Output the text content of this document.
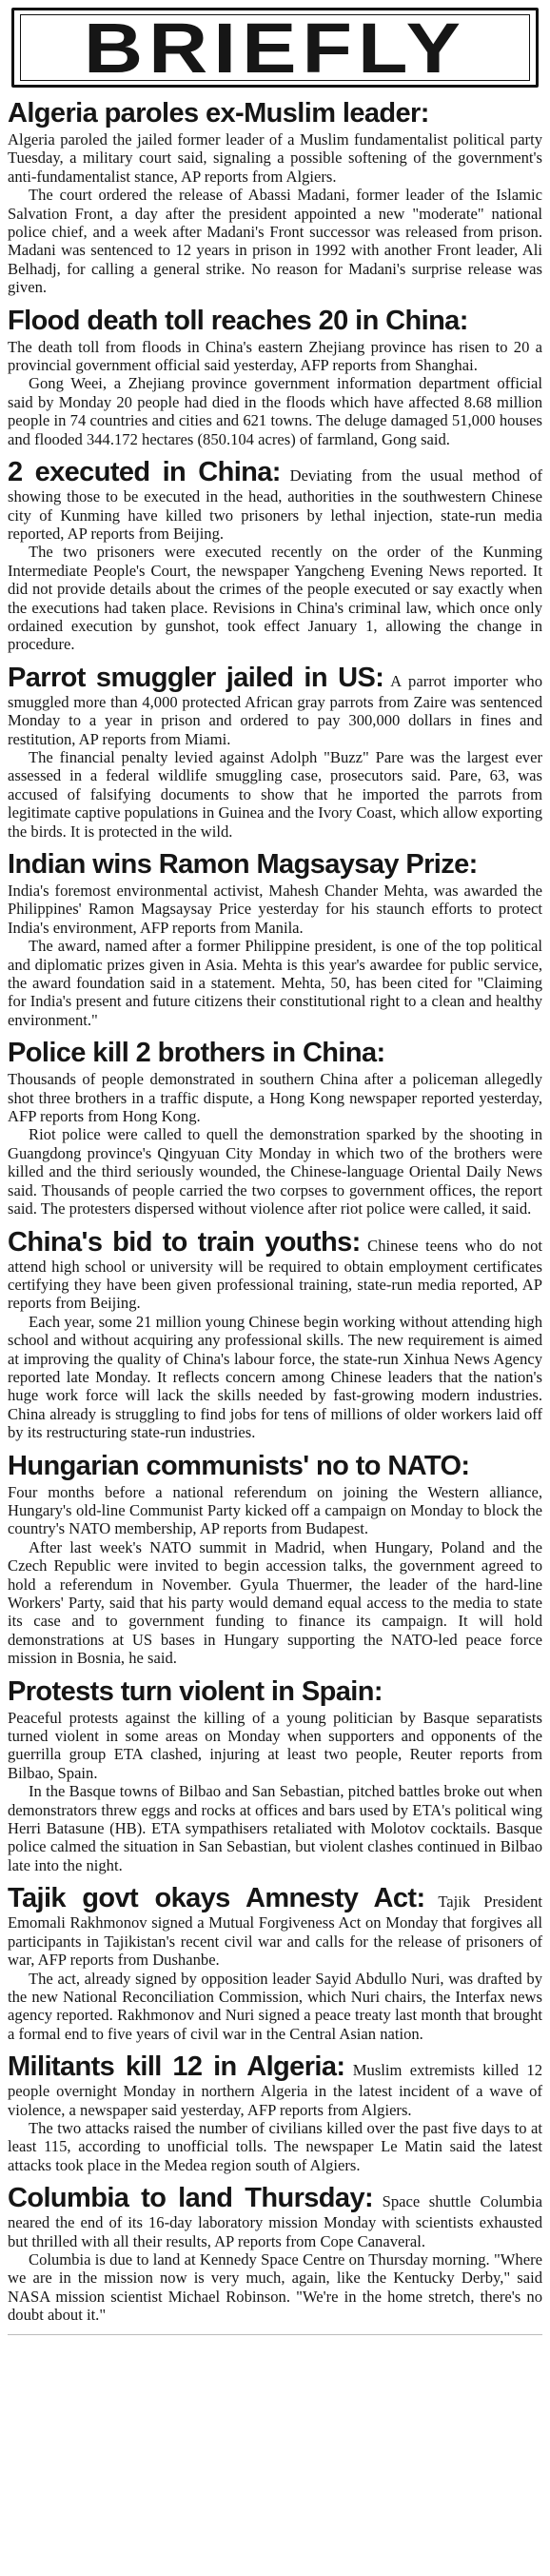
BRIEFLY

Algeria paroles ex-Muslim leader:
Algeria paroled the jailed former leader of a Muslim fundamentalist political party Tuesday, a military court said, signaling a possible softening of the government's anti-fundamentalist stance, AP reports from Algiers.

The court ordered the release of Abassi Madani, former leader of the Islamic Salvation Front, a day after the president appointed a new "moderate" national police chief, and a week after Madani's Front successor was released from prison. Madani was sentenced to 12 years in prison in 1992 with another Front leader, Ali Belhadj, for calling a general strike. No reason for Madani's surprise release was given.

Flood death toll reaches 20 in China:
The death toll from floods in China's eastern Zhejiang province has risen to 20 a provincial government official said yesterday, AFP reports from Shanghai.

Gong Weei, a Zhejiang province government information department official said by Monday 20 people had died in the floods which have affected 8.68 million people in 74 countries and cities and 621 towns. The deluge damaged 51,000 houses and flooded 344.172 hectares (850.104 acres) of farmland, Gong said.

2 executed in China: Deviating from the usual method of showing those to be executed in the head, authorities in the southwestern Chinese city of Kunming have killed two prisoners by lethal injection, state-run media reported, AP reports from Beijing.

The two prisoners were executed recently on the order of the Kunming Intermediate People's Court, the newspaper Yangcheng Evening News reported. It did not provide details about the crimes of the people executed or say exactly when the executions had taken place. Revisions in China's criminal law, which once only ordained execution by gunshot, took effect January 1, allowing the change in procedure.

Parrot smuggler jailed in US: A parrot importer who smuggled more than 4,000 protected African gray parrots from Zaire was sentenced Monday to a year in prison and ordered to pay 300,000 dollars in fines and restitution, AP reports from Miami.

The financial penalty levied against Adolph "Buzz" Pare was the largest ever assessed in a federal wildlife smuggling case, prosecutors said. Pare, 63, was accused of falsifying documents to show that he imported the parrots from legitimate captive populations in Guinea and the Ivory Coast, which allow exporting the birds. It is protected in the wild.

Indian wins Ramon Magsaysay Prize:
India's foremost environmental activist, Mahesh Chander Mehta, was awarded the Philippines' Ramon Magsaysay Price yesterday for his staunch efforts to protect India's environment, AFP reports from Manila.

The award, named after a former Philippine president, is one of the top political and diplomatic prizes given in Asia. Mehta is this year's awardee for public service, the award foundation said in a statement. Mehta, 50, has been cited for "Claiming for India's present and future citizens their constitutional right to a clean and healthy environment."

Police kill 2 brothers in China:
Thousands of people demonstrated in southern China after a policeman allegedly shot three brothers in a traffic dispute, a Hong Kong newspaper reported yesterday, AFP reports from Hong Kong.

Riot police were called to quell the demonstration sparked by the shooting in Guangdong province's Qingyuan City Monday in which two of the brothers were killed and the third seriously wounded, the Chinese-language Oriental Daily News said. Thousands of people carried the two corpses to government offices, the report said. The protesters dispersed without violence after riot police were called, it said.

China's bid to train youths: Chinese teens who do not attend high school or university will be required to obtain employment certificates certifying they have been given professional training, state-run media reported, AP reports from Beijing.

Each year, some 21 million young Chinese begin working without attending high school and without acquiring any professional skills. The new requirement is aimed at improving the quality of China's labour force, the state-run Xinhua News Agency reported late Monday. It reflects concern among Chinese leaders that the nation's huge work force will lack the skills needed by fast-growing modern industries. China already is struggling to find jobs for tens of millions of older workers laid off by its restructuring state-run industries.

Hungarian communists' no to NATO:
Four months before a national referendum on joining the Western alliance, Hungary's old-line Communist Party kicked off a campaign on Monday to block the country's NATO membership, AP reports from Budapest.

After last week's NATO summit in Madrid, when Hungary, Poland and the Czech Republic were invited to begin accession talks, the government agreed to hold a referendum in November. Gyula Thuermer, the leader of the hard-line Workers' Party, said that his party would demand equal access to the media to state its case and to government funding to finance its campaign. It will hold demonstrations at US bases in Hungary supporting the NATO-led peace force mission in Bosnia, he said.

Protests turn violent in Spain:
Peaceful protests against the killing of a young politician by Basque separatists turned violent in some areas on Monday when supporters and opponents of the guerrilla group ETA clashed, injuring at least two people, Reuter reports from Bilbao, Spain.

In the Basque towns of Bilbao and San Sebastian, pitched battles broke out when demonstrators threw eggs and rocks at offices and bars used by ETA's political wing Herri Batasune (HB). ETA sympathisers retaliated with Molotov cocktails. Basque police calmed the situation in San Sebastian, but violent clashes continued in Bilbao late into the night.

Tajik govt okays Amnesty Act: Tajik President Emomali Rakhmonov signed a Mutual Forgiveness Act on Monday that forgives all participants in Tajikistan's recent civil war and calls for the release of prisoners of war, AFP reports from Dushanbe.

The act, already signed by opposition leader Sayid Abdullo Nuri, was drafted by the new National Reconciliation Commission, which Nuri chairs, the Interfax news agency reported. Rakhmonov and Nuri signed a peace treaty last month that brought a formal end to five years of civil war in the Central Asian nation.

Militants kill 12 in Algeria: Muslim extremists killed 12 people overnight Monday in northern Algeria in the latest incident of a wave of violence, a newspaper said yesterday, AFP reports from Algiers.

The two attacks raised the number of civilians killed over the past five days to at least 115, according to unofficial tolls. The newspaper Le Matin said the latest attacks took place in the Medea region south of Algiers.

Columbia to land Thursday: Space shuttle Columbia neared the end of its 16-day laboratory mission Monday with scientists exhausted but thrilled with all their results, AP reports from Cope Canaveral.

Columbia is due to land at Kennedy Space Centre on Thursday morning. "Where we are in the mission now is very much, again, like the Kentucky Derby," said NASA mission scientist Michael Robinson. "We're in the home stretch, there's no doubt about it."
